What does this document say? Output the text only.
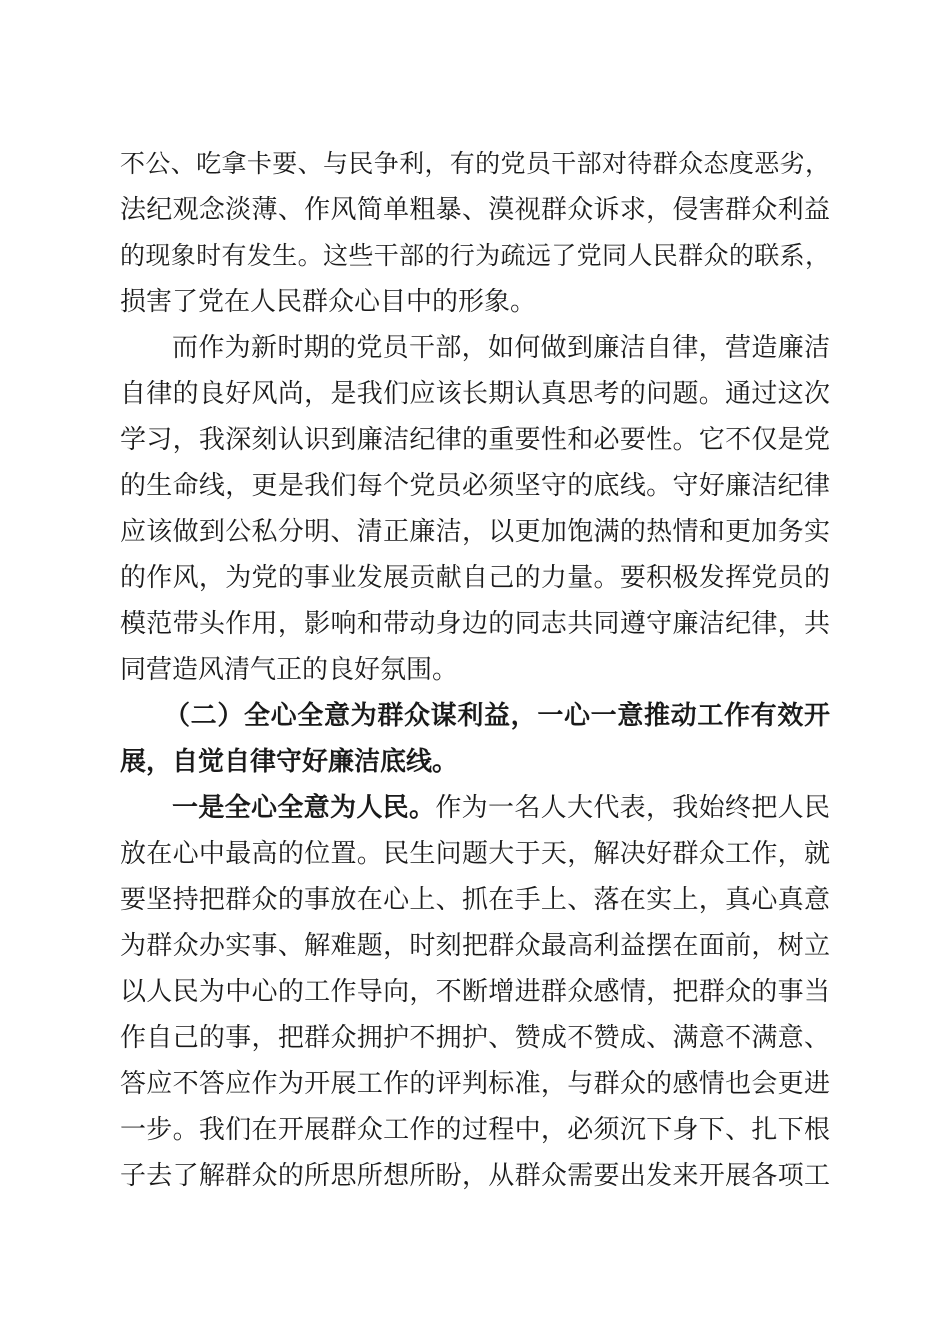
不公、吃拿卡要、与民争利，有的党员干部对待群众态度恶劣，
法纪观念淡薄、作风简单粗暴、漠视群众诉求，侵害群众利益
的现象时有发生。这些干部的行为疏远了党同人民群众的联系，
损害了党在人民群众心目中的形象。
而作为新时期的党员干部，如何做到廉洁自律，营造廉洁
自律的良好风尚，是我们应该长期认真思考的问题。通过这次
学习，我深刻认识到廉洁纪律的重要性和必要性。它不仅是党
的生命线，更是我们每个党员必须坚守的底线。守好廉洁纪律
应该做到公私分明、清正廉洁，以更加饱满的热情和更加务实
的作风，为党的事业发展贡献自己的力量。要积极发挥党员的
模范带头作用，影响和带动身边的同志共同遵守廉洁纪律，共
同营造风清气正的良好氛围。
（二）全心全意为群众谋利益，一心一意推动工作有效开
展，自觉自律守好廉洁底线。
一是全心全意为人民。作为一名人大代表，我始终把人民
放在心中最高的位置。民生问题大于天，解决好群众工作，就
要坚持把群众的事放在心上、抓在手上、落在实上，真心真意
为群众办实事、解难题，时刻把群众最高利益摆在面前，树立
以人民为中心的工作导向，不断增进群众感情，把群众的事当
作自己的事，把群众拥护不拥护、赞成不赞成、满意不满意、
答应不答应作为开展工作的评判标准，与群众的感情也会更进
一步。我们在开展群众工作的过程中，必须沉下身下、扎下根
子去了解群众的所思所想所盼，从群众需要出发来开展各项工
